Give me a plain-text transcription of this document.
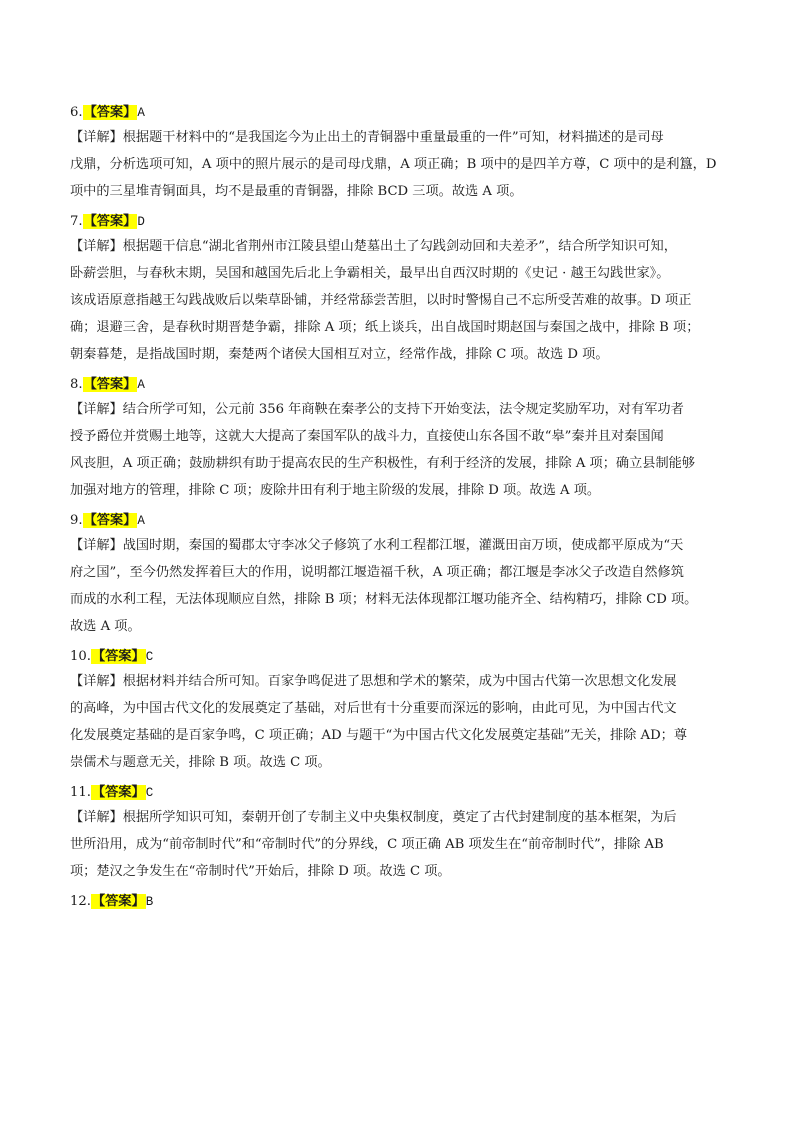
6.【答案】A
【详解】根据题干材料中的“是我国迄今为止出土的青铜器中重量最重的一件”可知，材料描述的是司母
戊鼎，分析选项可知，A 项中的照片展示的是司母戊鼎，A 项正确；B 项中的是四羊方尊，C 项中的是利簋，D
项中的三星堆青铜面具，均不是最重的青铜器，排除 BCD 三项。故选 A 项。
7.【答案】D
【详解】根据题干信息“湖北省荆州市江陵县望山楚墓出土了勾践剑动回和夫差矛”，结合所学知识可知，
卧薪尝胆，与春秋末期，吴国和越国先后北上争霸相关，最早出自西汉时期的《史记 · 越王勾践世家》。
该成语原意指越王勾践战败后以柴草卧铺，并经常舔尝苦胆，以时时警惕自己不忘所受苦难的故事。D 项正
确；退避三舍，是春秋时期晋楚争霸，排除 A 项；纸上谈兵，出自战国时期赵国与秦国之战中，排除 B 项；
朝秦暮楚，是指战国时期，秦楚两个诸侯大国相互对立，经常作战，排除 C 项。故选 D 项。
8.【答案】A
【详解】结合所学可知，公元前 356 年商鞅在秦孝公的支持下开始变法，法令规定奖励军功，对有军功者
授予爵位并赏赐土地等，这就大大提高了秦国军队的战斗力，直接使山东各国不敢“皋”秦并且对秦国闻
风丧胆，A 项正确；鼓励耕织有助于提高农民的生产积极性，有利于经济的发展，排除 A 项；确立县制能够
加强对地方的管理，排除 C 项；废除井田有利于地主阶级的发展，排除 D 项。故选 A 项。
9.【答案】A
【详解】战国时期，秦国的蜀郡太守李冰父子修筑了水利工程都江堰，灌溉田亩万顷，使成都平原成为“天
府之国”，至今仍然发挥着巨大的作用，说明都江堰造福千秋，A 项正确；都江堰是李冰父子改造自然修筑
而成的水利工程，无法体现顺应自然，排除 B 项；材料无法体现都江堰功能齐全、结构精巧，排除 CD 项。
故选 A 项。
10.【答案】C
【详解】根据材料并结合所可知。百家争鸣促进了思想和学术的繁荣，成为中国古代第一次思想文化发展
的高峰，为中国古代文化的发展奠定了基础，对后世有十分重要而深远的影响，由此可见，为中国古代文
化发展奠定基础的是百家争鸣，C 项正确；AD 与题干“为中国古代文化发展奠定基础”无关，排除 AD；尊
崇儒术与题意无关，排除 B 项。故选 C 项。
11.【答案】C
【详解】根据所学知识可知，秦朝开创了专制主义中央集权制度，奠定了古代封建制度的基本框架，为后
世所沿用，成为“前帝制时代”和“帝制时代”的分界线，C 项正确 AB 项发生在“前帝制时代”，排除 AB
项；楚汉之争发生在“帝制时代”开始后，排除 D 项。故选 C 项。
12.【答案】B
